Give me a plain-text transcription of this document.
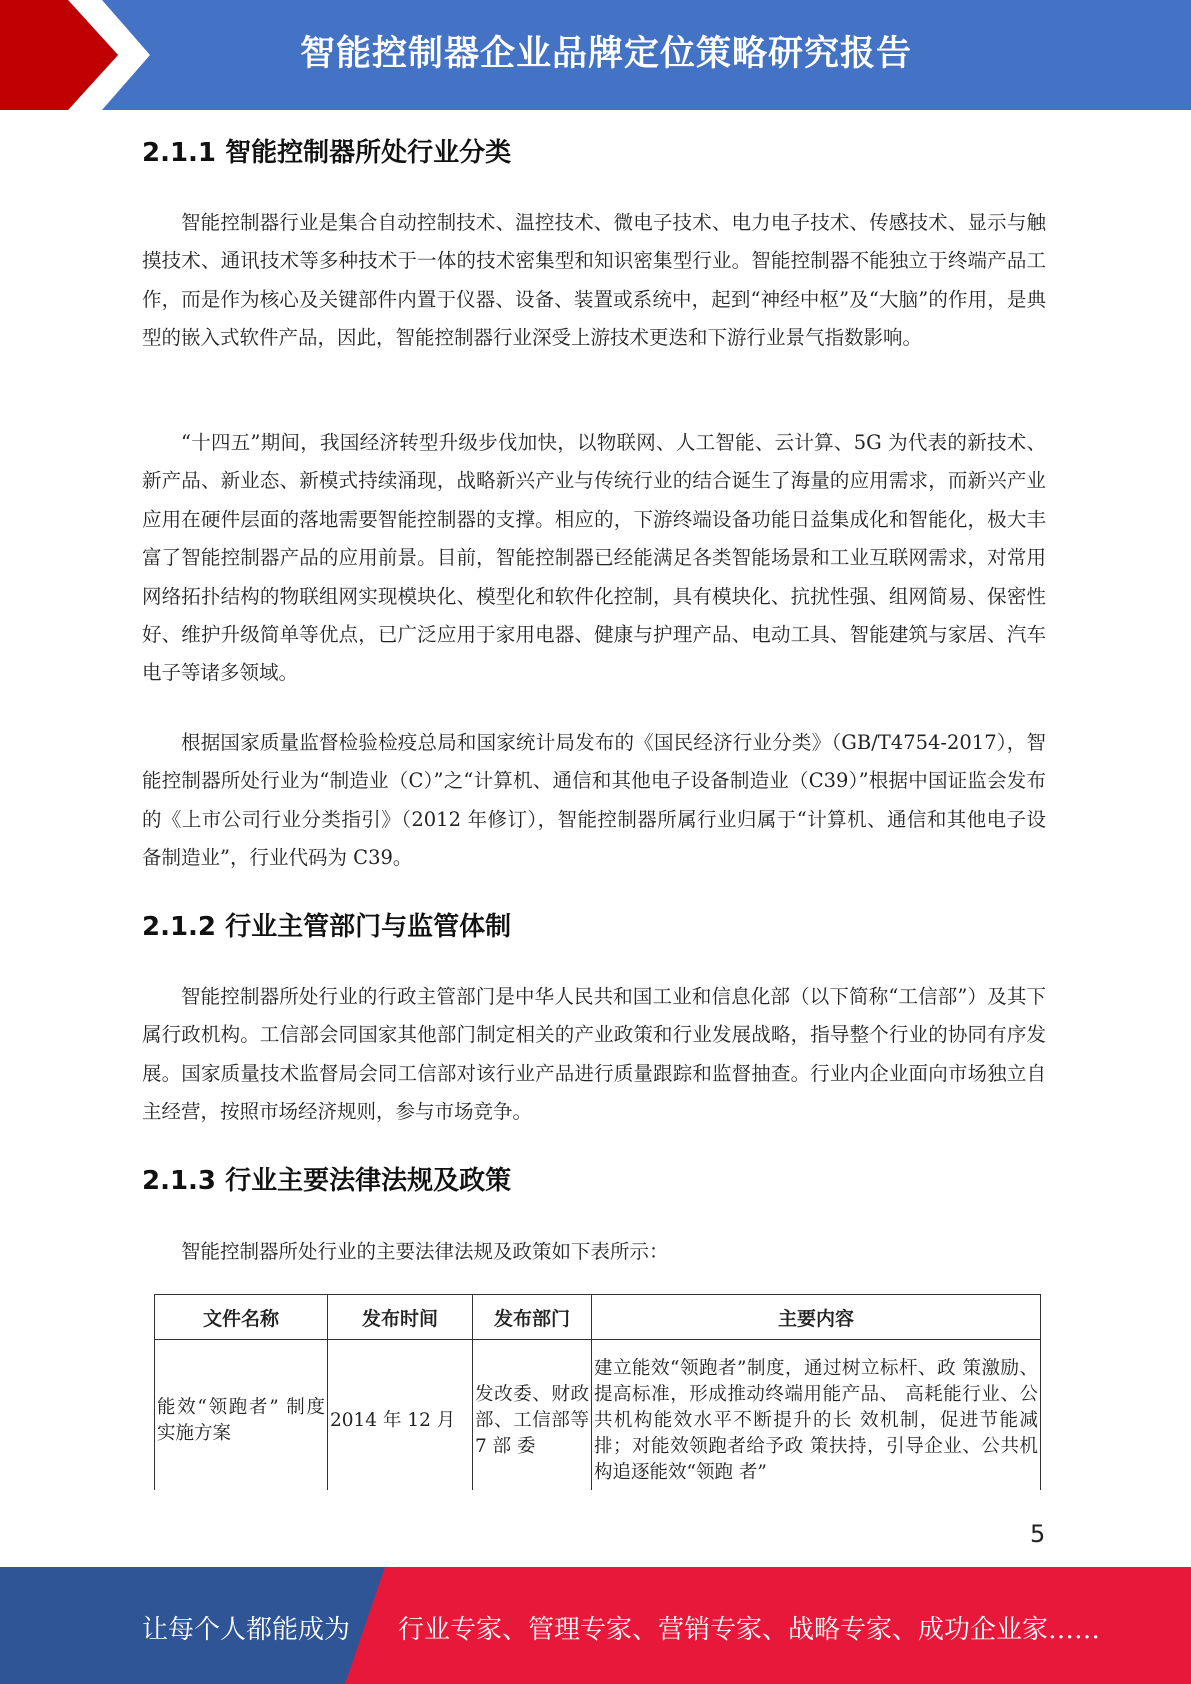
智能控制器企业品牌定位策略研究报告
2.1.1 智能控制器所处行业分类

智能控制器行业是集合自动控制技术、温控技术、微电子技术、电力电子技术、传感技术、显示与触摸技术、通讯技术等多种技术于一体的技术密集型和知识密集型行业。智能控制器不能独立于终端产品工作，而是作为核心及关键部件内置于仪器、设备、装置或系统中，起到“神经中枢”及“大脑”的作用，是典型的嵌入式软件产品，因此，智能控制器行业深受上游技术更迭和下游行业景气指数影响。

“十四五”期间，我国经济转型升级步伐加快，以物联网、人工智能、云计算、5G 为代表的新技术、新产品、新业态、新模式持续涌现，战略新兴产业与传统行业的结合诞生了海量的应用需求，而新兴产业应用在硬件层面的落地需要智能控制器的支撑。相应的，下游终端设备功能日益集成化和智能化，极大丰富了智能控制器产品的应用前景。目前，智能控制器已经能满足各类智能场景和工业互联网需求，对常用网络拓扑结构的物联组网实现模块化、模型化和软件化控制，具有模块化、抗扰性强、组网简易、保密性好、维护升级简单等优点，已广泛应用于家用电器、健康与护理产品、电动工具、智能建筑与家居、汽车电子等诸多领域。

根据国家质量监督检验检疫总局和国家统计局发布的《国民经济行业分类》（GB/T4754-2017），智能控制器所处行业为“制造业（C）”之“计算机、通信和其他电子设备制造业（C39）”根据中国证监会发布的《上市公司行业分类指引》（2012 年修订），智能控制器所属行业归属于“计算机、通信和其他电子设备制造业”，行业代码为 C39。

2.1.2 行业主管部门与监管体制

智能控制器所处行业的行政主管部门是中华人民共和国工业和信息化部（以下简称“工信部”）及其下属行政机构。工信部会同国家其他部门制定相关的产业政策和行业发展战略，指导整个行业的协同有序发展。国家质量技术监督局会同工信部对该行业产品进行质量跟踪和监督抽查。行业内企业面向市场独立自主经营，按照市场经济规则，参与市场竞争。

2.1.3 行业主要法律法规及政策

智能控制器所处行业的主要法律法规及政策如下表所示：

文件名称	发布时间	发布部门	主要内容
能效“领跑者” 制度实施方案	2014 年 12 月	发改委、财政部、工信部等 7 部 委	建立能效“领跑者”制度，通过树立标杆、政 策激励、提高标准，形成推动终端用能产品、 高耗能行业、公共机构能效水平不断提升的长 效机制，促进节能减排；对能效领跑者给予政 策扶持，引导企业、公共机构追逐能效“领跑 者”
5
让每个人都能成为 行业专家、管理专家、营销专家、战略专家、成功企业家……
